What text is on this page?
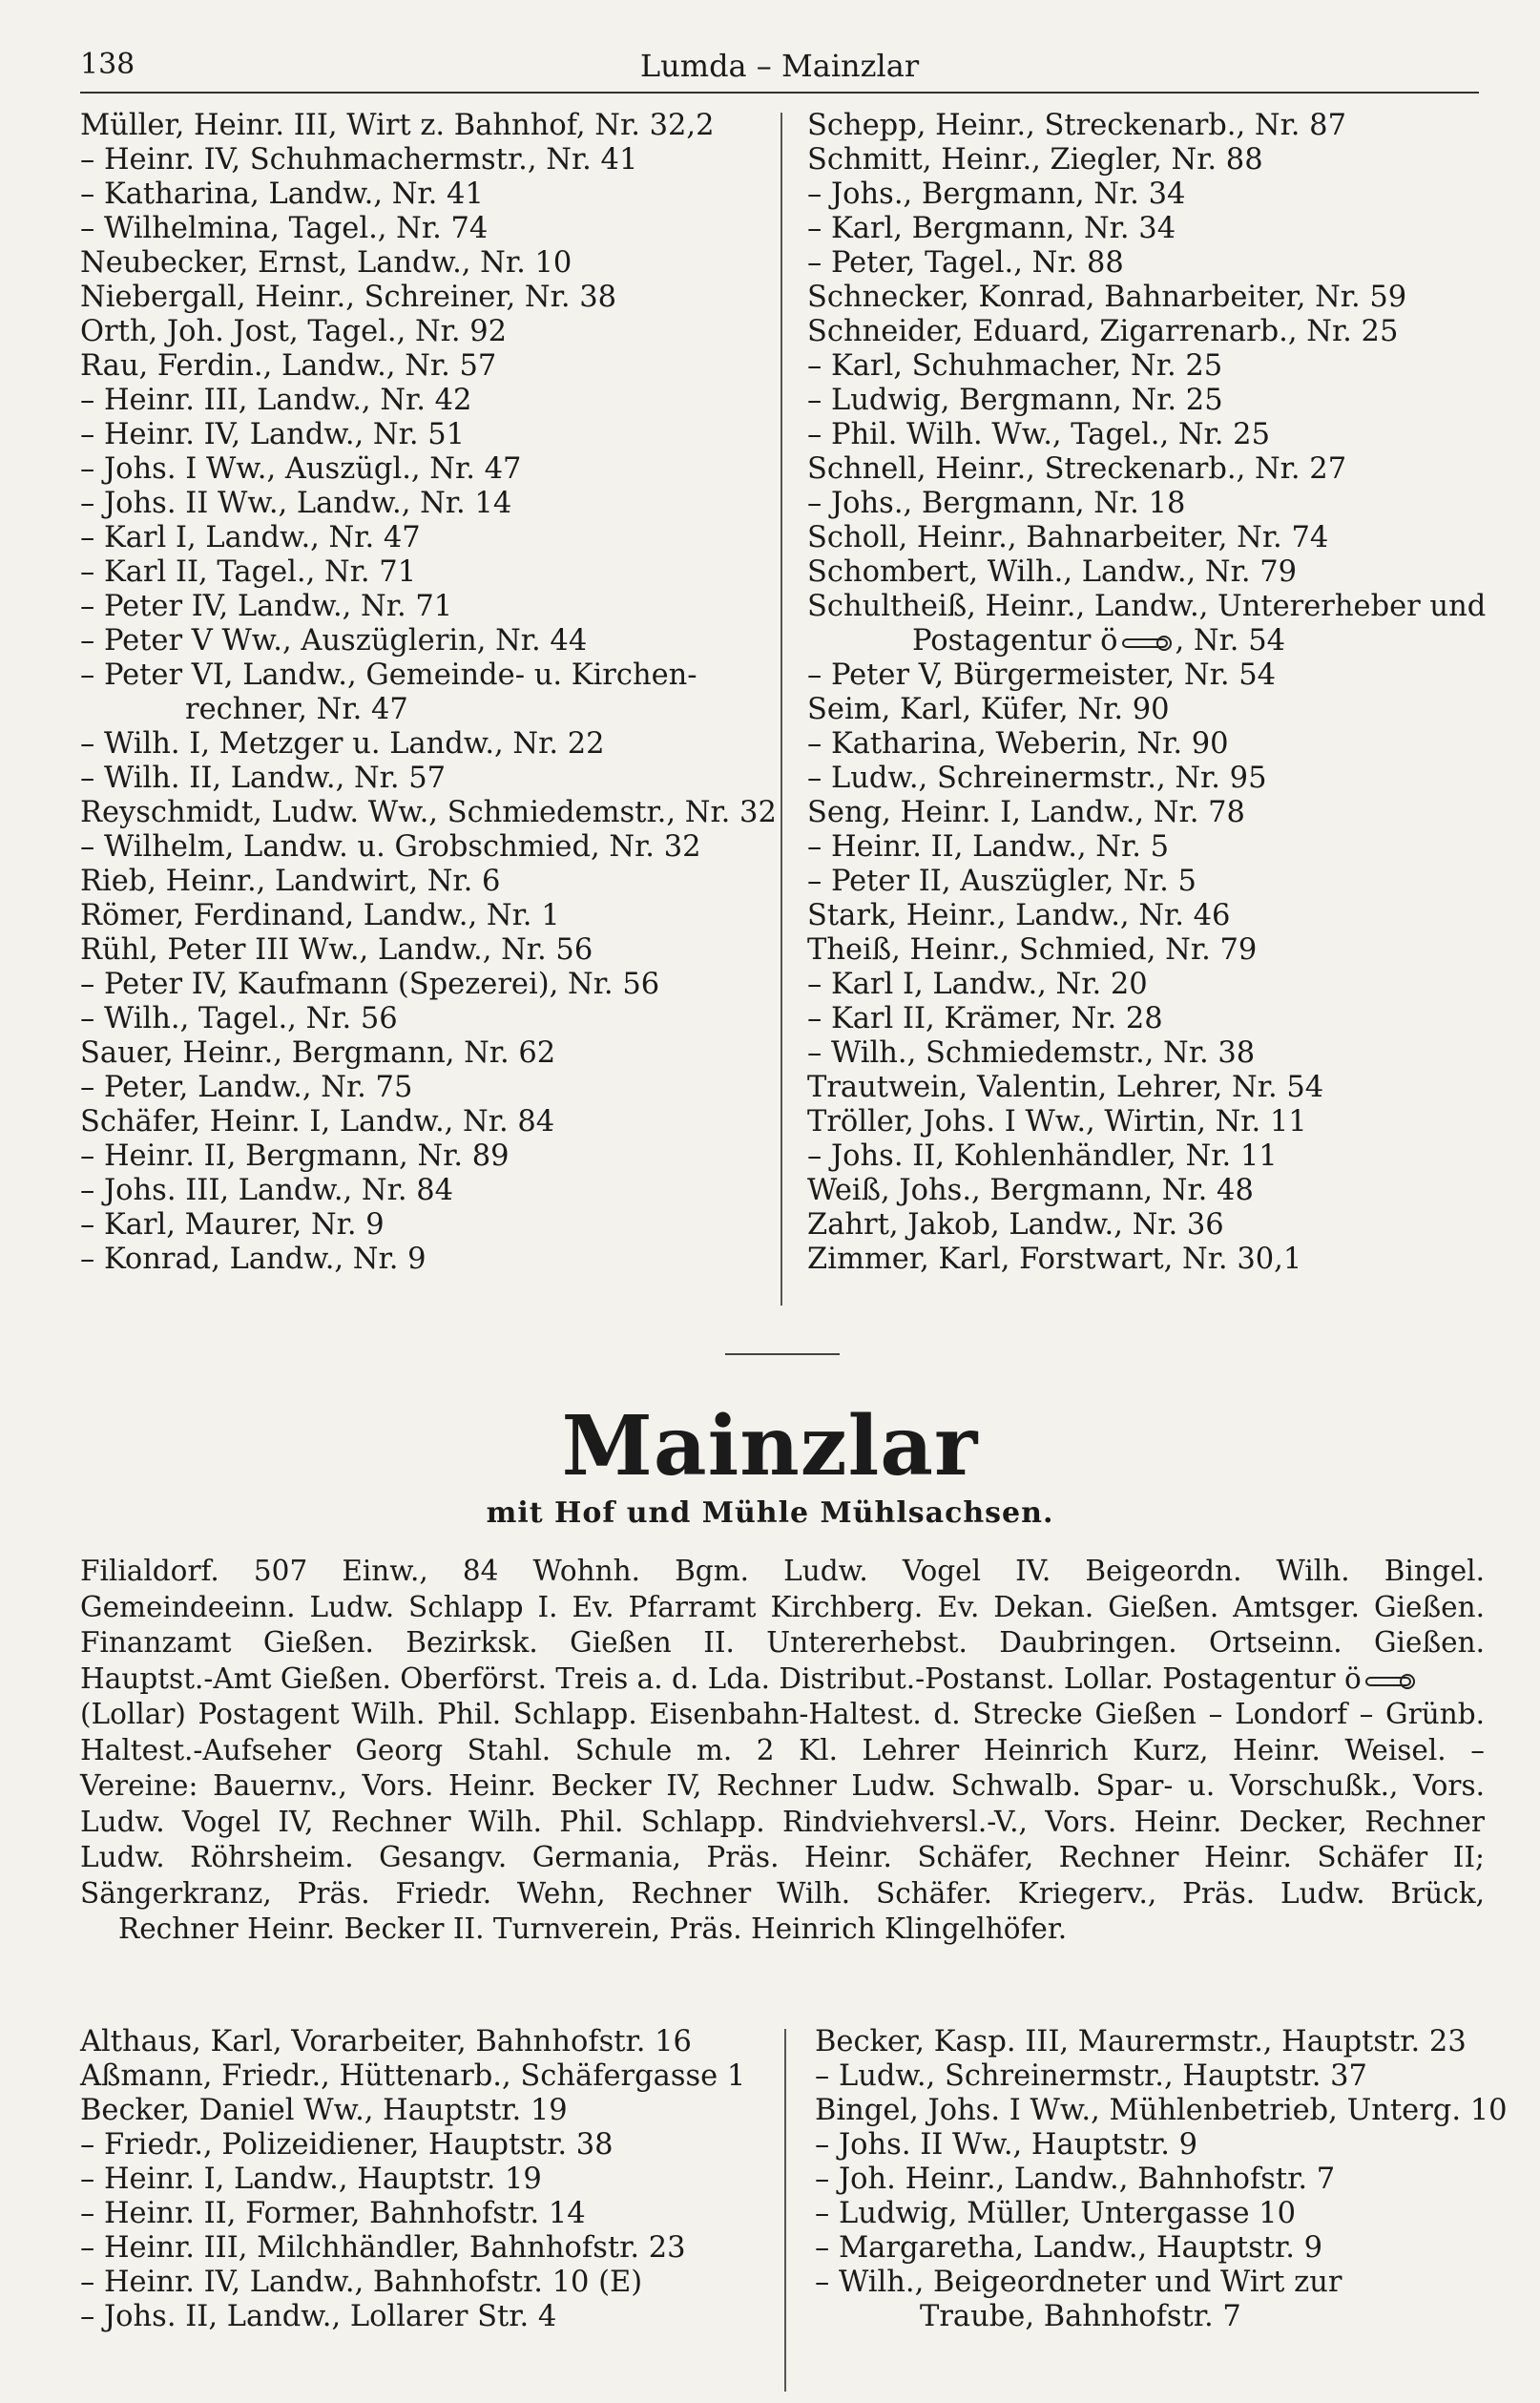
138	Lumda – Mainzlar
Müller, Heinr. III, Wirt z. Bahnhof, Nr. 32,2
– Heinr. IV, Schuhmachermstr., Nr. 41
– Katharina, Landw., Nr. 41
– Wilhelmina, Tagel., Nr. 74
Neubecker, Ernst, Landw., Nr. 10
Niebergall, Heinr., Schreiner, Nr. 38
Orth, Joh. Jost, Tagel., Nr. 92
Rau, Ferdin., Landw., Nr. 57
– Heinr. III, Landw., Nr. 42
– Heinr. IV, Landw., Nr. 51
– Johs. I Ww., Auszügl., Nr. 47
– Johs. II Ww., Landw., Nr. 14
– Karl I, Landw., Nr. 47
– Karl II, Tagel., Nr. 71
– Peter IV, Landw., Nr. 71
– Peter V Ww., Auszüglerin, Nr. 44
– Peter VI, Landw., Gemeinde- u. Kirchen-
rechner, Nr. 47
– Wilh. I, Metzger u. Landw., Nr. 22
– Wilh. II, Landw., Nr. 57
Reyschmidt, Ludw. Ww., Schmiedemstr., Nr. 32
– Wilhelm, Landw. u. Grobschmied, Nr. 32
Rieb, Heinr., Landwirt, Nr. 6
Römer, Ferdinand, Landw., Nr. 1
Rühl, Peter III Ww., Landw., Nr. 56
– Peter IV, Kaufmann (Spezerei), Nr. 56
– Wilh., Tagel., Nr. 56
Sauer, Heinr., Bergmann, Nr. 62
– Peter, Landw., Nr. 75
Schäfer, Heinr. I, Landw., Nr. 84
– Heinr. II, Bergmann, Nr. 89
– Johs. III, Landw., Nr. 84
– Karl, Maurer, Nr. 9
– Konrad, Landw., Nr. 9
Schepp, Heinr., Streckenarb., Nr. 87
Schmitt, Heinr., Ziegler, Nr. 88
– Johs., Bergmann, Nr. 34
– Karl, Bergmann, Nr. 34
– Peter, Tagel., Nr. 88
Schnecker, Konrad, Bahnarbeiter, Nr. 59
Schneider, Eduard, Zigarrenarb., Nr. 25
– Karl, Schuhmacher, Nr. 25
– Ludwig, Bergmann, Nr. 25
– Phil. Wilh. Ww., Tagel., Nr. 25
Schnell, Heinr., Streckenarb., Nr. 27
– Johs., Bergmann, Nr. 18
Scholl, Heinr., Bahnarbeiter, Nr. 74
Schombert, Wilh., Landw., Nr. 79
Schultheiß, Heinr., Landw., Untererheber und
Postagentur ö , Nr. 54
– Peter V, Bürgermeister, Nr. 54
Seim, Karl, Küfer, Nr. 90
– Katharina, Weberin, Nr. 90
– Ludw., Schreinermstr., Nr. 95
Seng, Heinr. I, Landw., Nr. 78
– Heinr. II, Landw., Nr. 5
– Peter II, Auszügler, Nr. 5
Stark, Heinr., Landw., Nr. 46
Theiß, Heinr., Schmied, Nr. 79
– Karl I, Landw., Nr. 20
– Karl II, Krämer, Nr. 28
– Wilh., Schmiedemstr., Nr. 38
Trautwein, Valentin, Lehrer, Nr. 54
Tröller, Johs. I Ww., Wirtin, Nr. 11
– Johs. II, Kohlenhändler, Nr. 11
Weiß, Johs., Bergmann, Nr. 48
Zahrt, Jakob, Landw., Nr. 36
Zimmer, Karl, Forstwart, Nr. 30,1
Mainzlar
mit Hof und Mühle Mühlsachsen.
Filialdorf. 507 Einw., 84 Wohnh. Bgm. Ludw. Vogel IV. Beigeordn. Wilh. Bingel.
Gemeindeeinn. Ludw. Schlapp I. Ev. Pfarramt Kirchberg. Ev. Dekan. Gießen. Amtsger. Gießen.
Finanzamt Gießen. Bezirksk. Gießen II. Untererhebst. Daubringen. Ortseinn. Gießen.
Hauptst.-Amt Gießen. Oberförst. Treis a. d. Lda. Distribut.-Postanst. Lollar. Postagentur ö
(Lollar) Postagent Wilh. Phil. Schlapp. Eisenbahn-Haltest. d. Strecke Gießen – Londorf – Grünb.
Haltest.-Aufseher Georg Stahl. Schule m. 2 Kl. Lehrer Heinrich Kurz, Heinr. Weisel. –
Vereine: Bauernv., Vors. Heinr. Becker IV, Rechner Ludw. Schwalb. Spar- u. Vorschußk., Vors.
Ludw. Vogel IV, Rechner Wilh. Phil. Schlapp. Rindviehversl.-V., Vors. Heinr. Decker, Rechner
Ludw. Röhrsheim. Gesangv. Germania, Präs. Heinr. Schäfer, Rechner Heinr. Schäfer II;
Sängerkranz, Präs. Friedr. Wehn, Rechner Wilh. Schäfer. Kriegerv., Präs. Ludw. Brück,
Rechner Heinr. Becker II. Turnverein, Präs. Heinrich Klingelhöfer.
Althaus, Karl, Vorarbeiter, Bahnhofstr. 16
Aßmann, Friedr., Hüttenarb., Schäfergasse 1
Becker, Daniel Ww., Hauptstr. 19
– Friedr., Polizeidiener, Hauptstr. 38
– Heinr. I, Landw., Hauptstr. 19
– Heinr. II, Former, Bahnhofstr. 14
– Heinr. III, Milchhändler, Bahnhofstr. 23
– Heinr. IV, Landw., Bahnhofstr. 10 (E)
– Johs. II, Landw., Lollarer Str. 4
Becker, Kasp. III, Maurermstr., Hauptstr. 23
– Ludw., Schreinermstr., Hauptstr. 37
Bingel, Johs. I Ww., Mühlenbetrieb, Unterg. 10
– Johs. II Ww., Hauptstr. 9
– Joh. Heinr., Landw., Bahnhofstr. 7
– Ludwig, Müller, Untergasse 10
– Margaretha, Landw., Hauptstr. 9
– Wilh., Beigeordneter und Wirt zur
Traube, Bahnhofstr. 7
